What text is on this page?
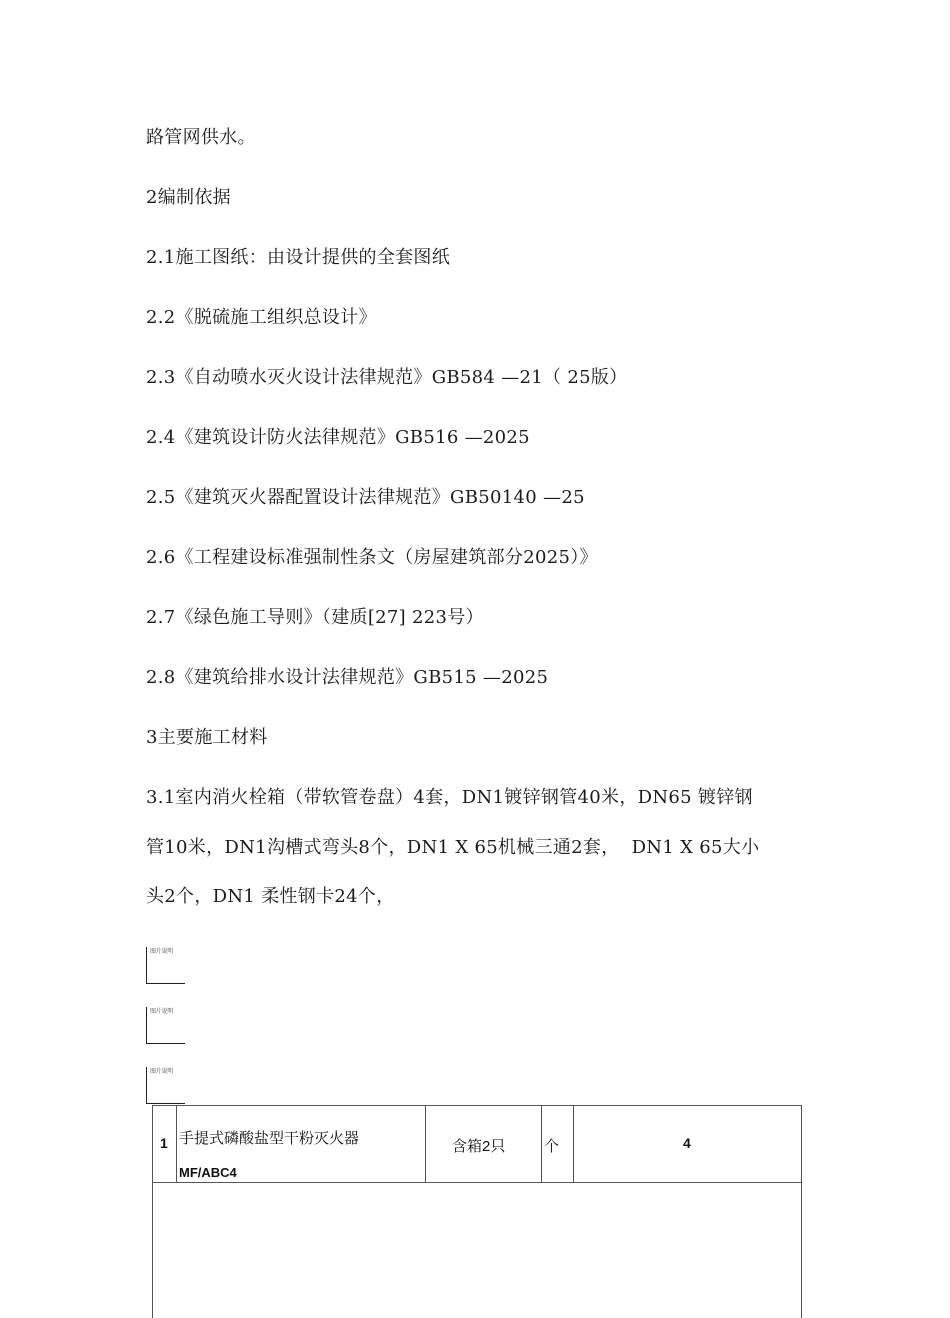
路管网供水。
2编制依据
2.1施工图纸：由设计提供的全套图纸
2.2《脱硫施工组织总设计》
2.3《自动喷水灭火设计法律规范》GB584 —21（ 25版）
2.4《建筑设计防火法律规范》GB516 —2025
2.5《建筑灭火器配置设计法律规范》GB50140 —25
2.6《工程建设标准强制性条文（房屋建筑部分2025）》
2.7《绿色施工导则》（建质[27] 223号）
2.8《建筑给排水设计法律规范》GB515 —2025
3主要施工材料
3.1室内消火栓箱（带软管卷盘）4套，DN1镀锌钢管40米，DN65 镀锌钢
管10米，DN1沟槽式弯头8个，DN1 X 65机械三通2套，  DN1 X 65大小
头2个，DN1 柔性钢卡24个，
图片说明
图片说明
图片说明
1 手提式磷酸盐型干粉灭火器
MF/ABC4
含箱2只	个	4
